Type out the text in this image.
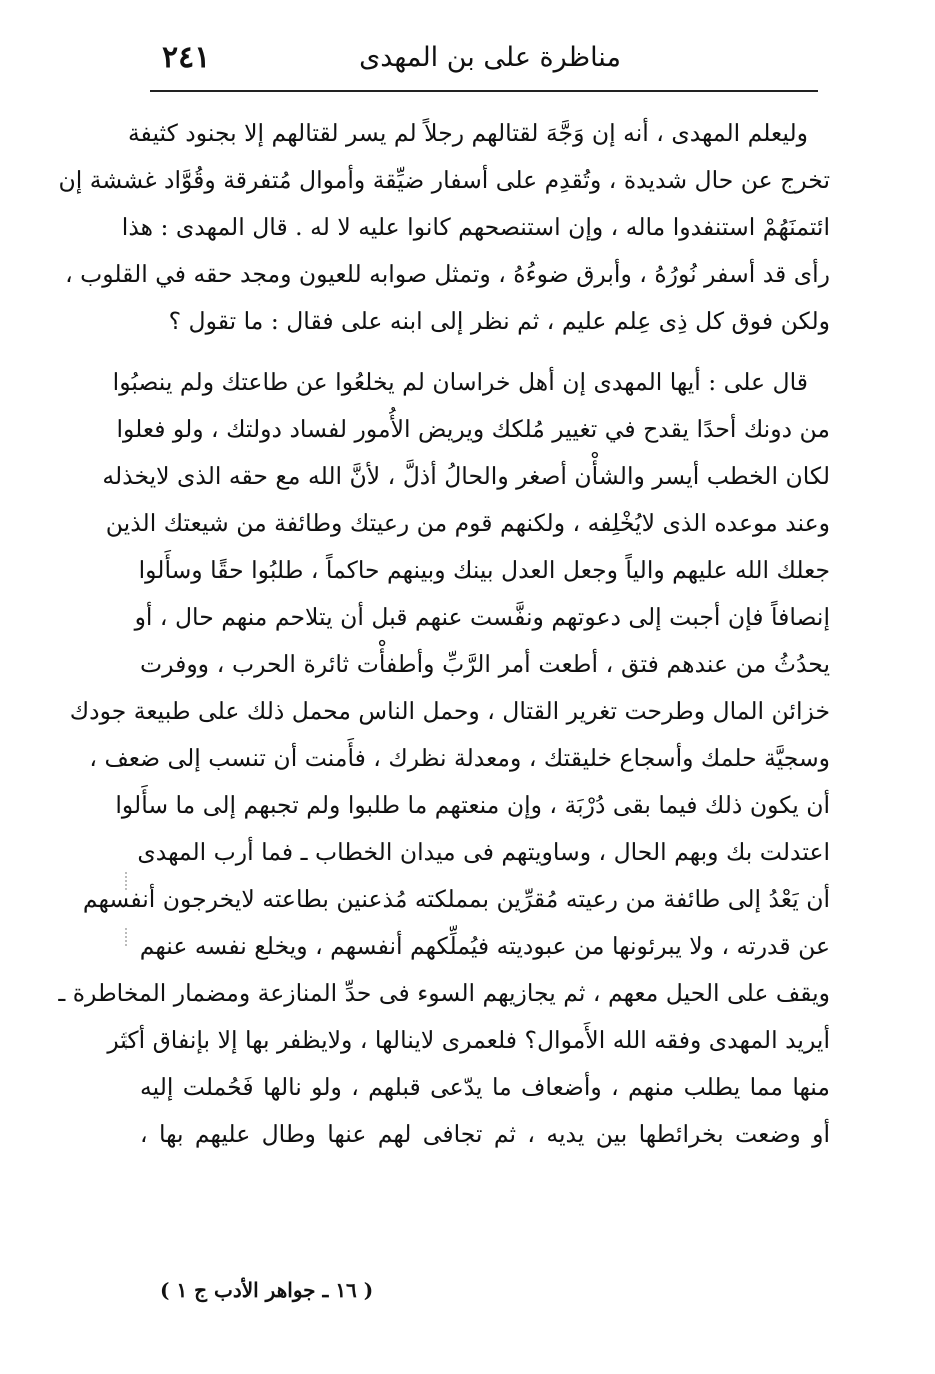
٢٤١	مناظرة على بن المهدى
وليعلم المهدى ، أنه إن وَجَّهَ لقتالهم رجلاً لم يسر لقتالهم إلا بجنود كثيفة
تخرج عن حال شديدة ، وتُقدِم على أسفار ضيِّقة وأموال مُتفرقة وقُوَّاد غششة إن
ائتمنَهُمْ استنفدوا ماله ، وإن استنصحهم كانوا عليه لا له . قال المهدى : هذا
رأى قد أسفر نُورُهُ ، وأبرق ضوءُهُ ، وتمثل صوابه للعيون ومجد حقه في القلوب ،
ولكن فوق كل ذِى عِلم عليم ، ثم نظر إلى ابنه على فقال : ما تقول ؟
قال على : أيها المهدى إن أهل خراسان لم يخلعُوا عن طاعتك ولم ينصبُوا
من دونك أحدًا يقدح في تغيير مُلكك ويريض الأُمور لفساد دولتك ، ولو فعلوا
لكان الخطب أيسر والشأْن أصغر والحالُ أذلَّ ، لأنَّ الله مع حقه الذى لايخذله
وعند موعده الذى لايُخْلِفه ، ولكنهم قوم من رعيتك وطائفة من شيعتك الذين
جعلك الله عليهم والياً وجعل العدل بينك وبينهم حاكماً ، طلبُوا حقًا وسأَلوا
إنصافاً فإن أجبت إلى دعوتهم ونفَّست عنهم قبل أن يتلاحم منهم حال ، أو
يحدُثُ من عندهم فتق ، أطعت أمر الرَّبِّ وأطفأْت ثائرة الحرب ، ووفرت
خزائن المال وطرحت تغرير القتال ، وحمل الناس محمل ذلك على طبيعة جودك
وسجيَّة حلمك وأسجاع خليقتك ، ومعدلة نظرك ، فأَمنت أن تنسب إلى ضعف ،
أن يكون ذلك فيما بقى دُرْبَة ، وإن منعتهم ما طلبوا ولم تجبهم إلى ما سأَلوا
اعتدلت بك وبهم الحال ، وساويتهم فى ميدان الخطاب ـ فما أرب المهدى
أن يَعْدُ إلى طائفة من رعيته مُقرِّين بمملكته مُذعنين بطاعته لايخرجون أنفسهم
عن قدرته ، ولا يبرئونها من عبوديته فيُملِّكهم أنفسهم ، ويخلع نفسه عنهم
ويقف على الحيل معهم ، ثم يجازيهم السوء فى حدِّ المنازعة ومضمار المخاطرة ـ
أيريد المهدى وفقه الله الأَموال؟ فلعمرى لاينالها ، ولايظفر بها إلا بإنفاق أكثر
منها مما يطلب منهم ، وأضعاف ما يدّعى قبلهم ، ولو نالها فَحُملت إليه
أو وضعت بخرائطها بين يديه ، ثم تجافى لهم عنها وطال عليهم بها ،
( ١٦ ـ جواهر الأدب ج ١ )
